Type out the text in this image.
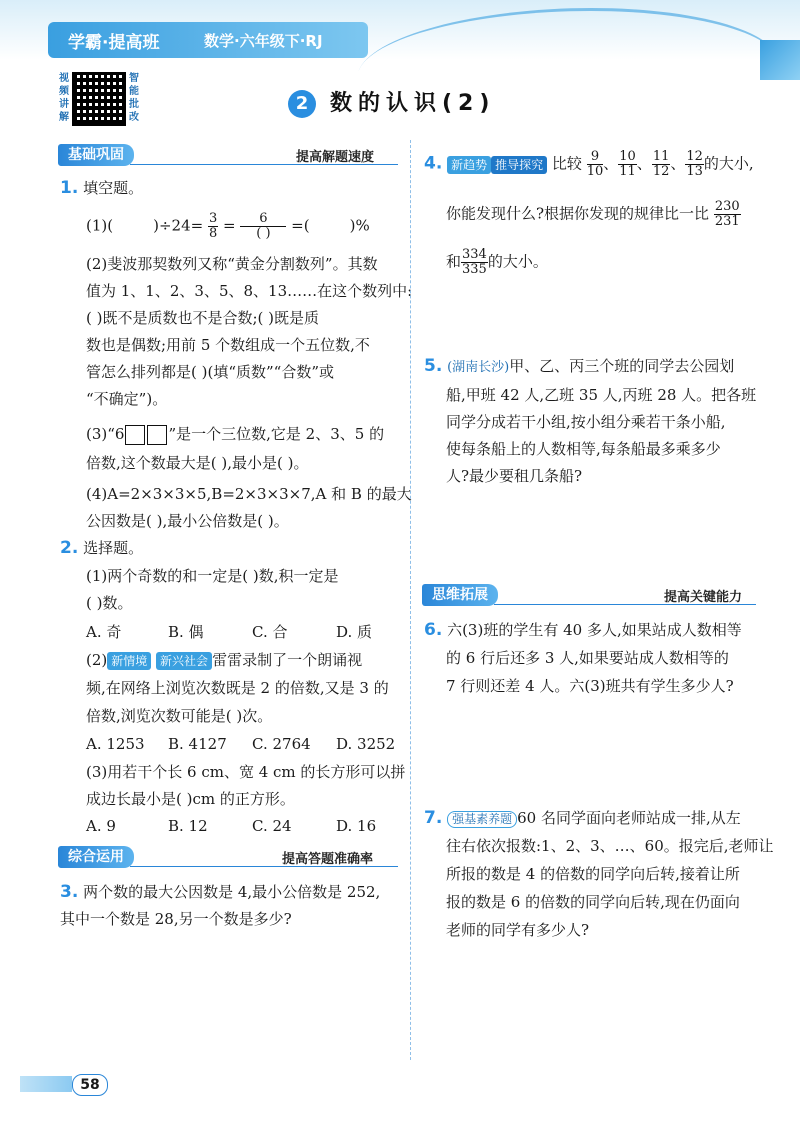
学霸·提高班	数学·六年级下·RJ
视
频
讲
解
智
能
批
改
2 数的认识(2)
基础巩固	提高解题速度
1. 填空题。
(1)(	)$\div 24= \frac{3}{8} = \frac{6}{( )}$ =(	)%
(2)斐波那契数列又称“黄金分割数列”。其数
值为 1、1、2、3、5、8、13……在这个数列中:
( )既不是质数也不是合数;( )既是质
数也是偶数;用前 5 个数组成一个五位数,不
管怎么排列都是( )(填“质数”“合数”或
“不确定”)。
(3)“6	”是一个三位数,它是 2、3、5 的
倍数,这个数最大是( ),最小是( )。
(4)A=2×3×3×5,B=2×3×3×7,A 和 B 的最大
公因数是( ),最小公倍数是( )。
2. 选择题。
(1)两个奇数的和一定是( )数,积一定是
( )数。
A. 奇	B. 偶	C. 合	D. 质
(2) 新情境 新兴社会 雷雷录制了一个朗诵视
频,在网络上浏览次数既是 2 的倍数,又是 3 的
倍数,浏览次数可能是( )次。
A. 1253 B. 4127 C. 2764 D. 3252
(3)用若干个长 6 cm、宽 4 cm 的长方形可以拼
成边长最小是( )cm 的正方形。
A. 9	B. 12	C. 24	D. 16
综合运用	提高答题准确率
3. 两个数的最大公因数是 4,最小公倍数是 252,
其中一个数是 28,另一个数是多少?
4. 新趋势 推导探究 比较 $\frac{9}{10}$ 、 $\frac{10}{11}$ 、 $\frac{11}{12}$ 、 $\frac{12}{13}$ 的大小,
你能发现什么?根据你发现的规律比一比 $\frac{230}{231}$
和 $\frac{334}{335}$ 的大小。
5. (湖南长沙)甲、乙、丙三个班的同学去公园划
船,甲班 42 人,乙班 35 人,丙班 28 人。把各班
同学分成若干小组,按小组分乘若干条小船,
使每条船上的人数相等,每条船最多乘多少
人?最少要租几条船?
思维拓展	提高关键能力
6. 六(3)班的学生有 40 多人,如果站成人数相等
的 6 行后还多 3 人,如果要站成人数相等的
7 行则还差 4 人。六(3)班共有学生多少人?
7. 强基素养题 60 名同学面向老师站成一排,从左
往右依次报数:1、2、3、…、60。报完后,老师让
所报的数是 4 的倍数的同学向后转,接着让所
报的数是 6 的倍数的同学向后转,现在仍面向
老师的同学有多少人?
58
